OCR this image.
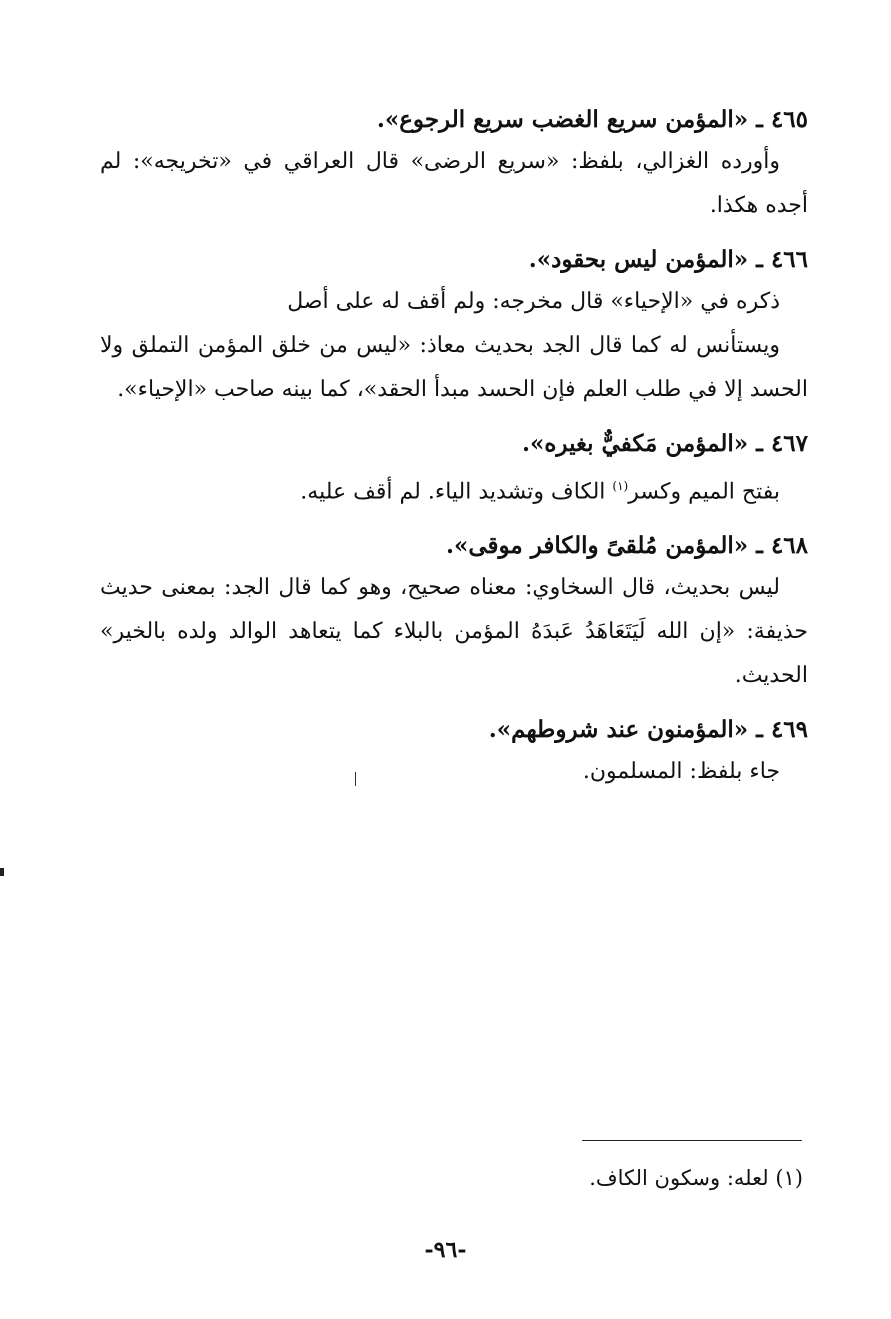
٤٦٥ ـ «المؤمن سريع الغضب سريع الرجوع».

وأورده الغزالي، بلفظ: «سريع الرضى» قال العراقي في «تخريجه»: لم أجده هكذا.

٤٦٦ ـ «المؤمن ليس بحقود».

ذكره في «الإحياء» قال مخرجه: ولم أقف له على أصل

ويستأنس له كما قال الجد بحديث معاذ: «ليس من خلق المؤمن التملق ولا الحسد إلا في طلب العلم فإن الحسد مبدأ الحقد»، كما بينه صاحب «الإحياء».

٤٦٧ ـ «المؤمن مَكفيٌّ بغيره».

بفتح الميم وكسر$^{(١)}$ الكاف وتشديد الياء. لم أقف عليه.

٤٦٨ ـ «المؤمن مُلقىً والكافر موقى».

ليس بحديث، قال السخاوي: معناه صحيح، وهو كما قال الجد: بمعنى حديث حذيفة: «إن الله لَيَتَعَاهَدُ عَبدَهُ المؤمن بالبلاء كما يتعاهد الوالد ولده بالخير» الحديث.

٤٦٩ ـ «المؤمنون عند شروطهم».

جاء بلفظ: المسلمون.

(١) لعله: وسكون الكاف.
-٩٦-
